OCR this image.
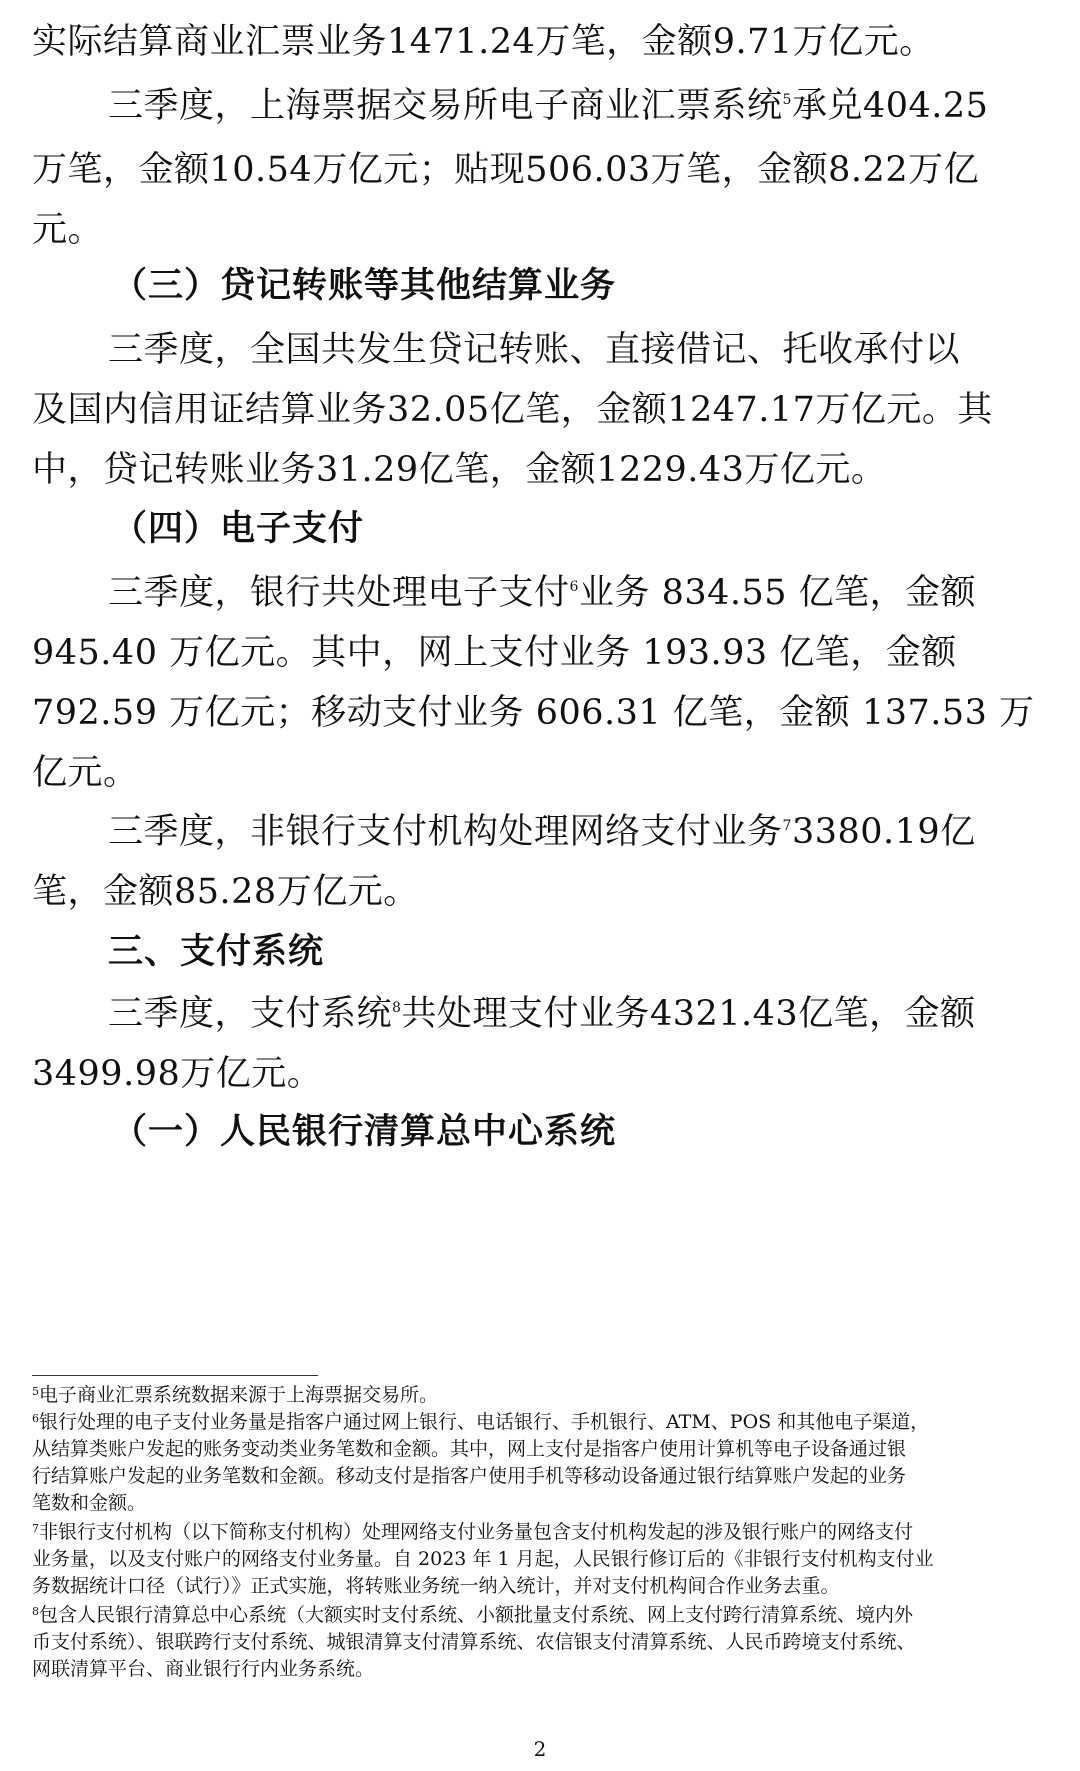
实际结算商业汇票业务1471.24万笔，金额9.71万亿元。
三季度，上海票据交易所电子商业汇票系统$^5$承兑404.25
万笔，金额10.54万亿元；贴现506.03万笔，金额8.22万亿
元。
（三）贷记转账等其他结算业务
三季度，全国共发生贷记转账、直接借记、托收承付以
及国内信用证结算业务32.05亿笔，金额1247.17万亿元。其
中，贷记转账业务31.29亿笔，金额1229.43万亿元。
（四）电子支付
三季度，银行共处理电子支付$^6$业务 834.55 亿笔，金额
945.40 万亿元。其中，网上支付业务 193.93 亿笔，金额
792.59 万亿元；移动支付业务 606.31 亿笔，金额 137.53 万
亿元。
三季度，非银行支付机构处理网络支付业务$^7$3380.19亿
笔，金额85.28万亿元。
三、支付系统
三季度，支付系统$^8$共处理支付业务4321.43亿笔，金额
3499.98万亿元。
（一）人民银行清算总中心系统
$^5$电子商业汇票系统数据来源于上海票据交易所。
$^6$银行处理的电子支付业务量是指客户通过网上银行、电话银行、手机银行、ATM、POS 和其他电子渠道，
从结算类账户发起的账务变动类业务笔数和金额。其中，网上支付是指客户使用计算机等电子设备通过银
行结算账户发起的业务笔数和金额。移动支付是指客户使用手机等移动设备通过银行结算账户发起的业务
笔数和金额。
$^7$非银行支付机构（以下简称支付机构）处理网络支付业务量包含支付机构发起的涉及银行账户的网络支付
业务量，以及支付账户的网络支付业务量。自 2023 年 1 月起，人民银行修订后的《非银行支付机构支付业
务数据统计口径（试行）》正式实施，将转账业务统一纳入统计，并对支付机构间合作业务去重。
$^8$包含人民银行清算总中心系统（大额实时支付系统、小额批量支付系统、网上支付跨行清算系统、境内外
币支付系统）、银联跨行支付系统、城银清算支付清算系统、农信银支付清算系统、人民币跨境支付系统、
网联清算平台、商业银行行内业务系统。
2
